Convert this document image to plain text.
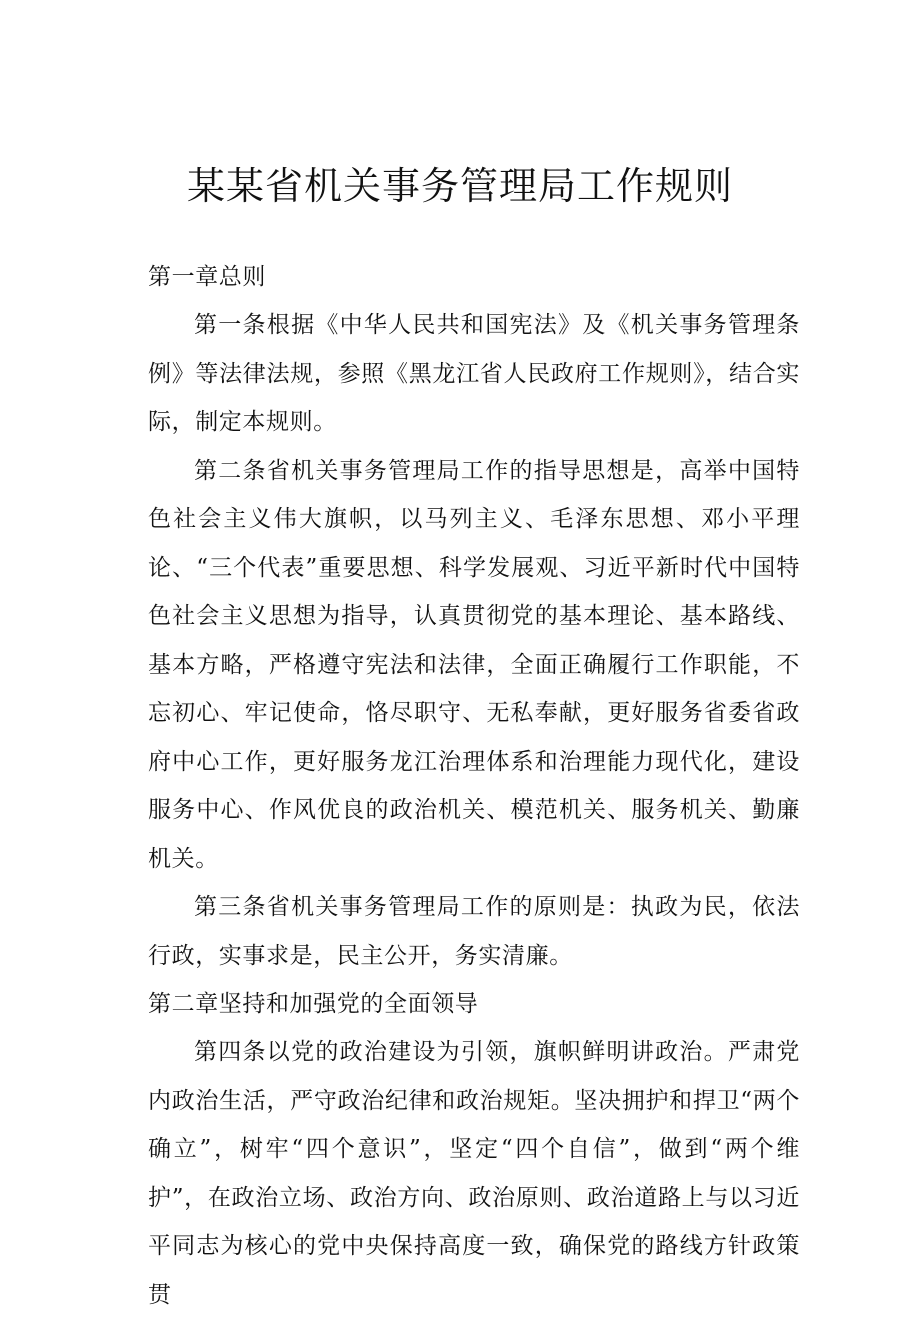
某某省机关事务管理局工作规则
第一章总则

第一条根据《中华人民共和国宪法》及《机关事务管理条例》等法律法规，参照《黑龙江省人民政府工作规则》，结合实际，制定本规则。

第二条省机关事务管理局工作的指导思想是，高举中国特色社会主义伟大旗帜，以马列主义、毛泽东思想、邓小平理论、“三个代表”重要思想、科学发展观、习近平新时代中国特色社会主义思想为指导，认真贯彻党的基本理论、基本路线、基本方略，严格遵守宪法和法律，全面正确履行工作职能，不忘初心、牢记使命，恪尽职守、无私奉献，更好服务省委省政府中心工作，更好服务龙江治理体系和治理能力现代化，建设服务中心、作风优良的政治机关、模范机关、服务机关、勤廉机关。

第三条省机关事务管理局工作的原则是：执政为民，依法行政，实事求是，民主公开，务实清廉。

第二章坚持和加强党的全面领导

第四条以党的政治建设为引领，旗帜鲜明讲政治。严肃党内政治生活，严守政治纪律和政治规矩。坚决拥护和捍卫“两个确立”，树牢“四个意识”，坚定“四个自信”，做到“两个维护”，在政治立场、政治方向、政治原则、政治道路上与以习近平同志为核心的党中央保持高度一致，确保党的路线方针政策贯
